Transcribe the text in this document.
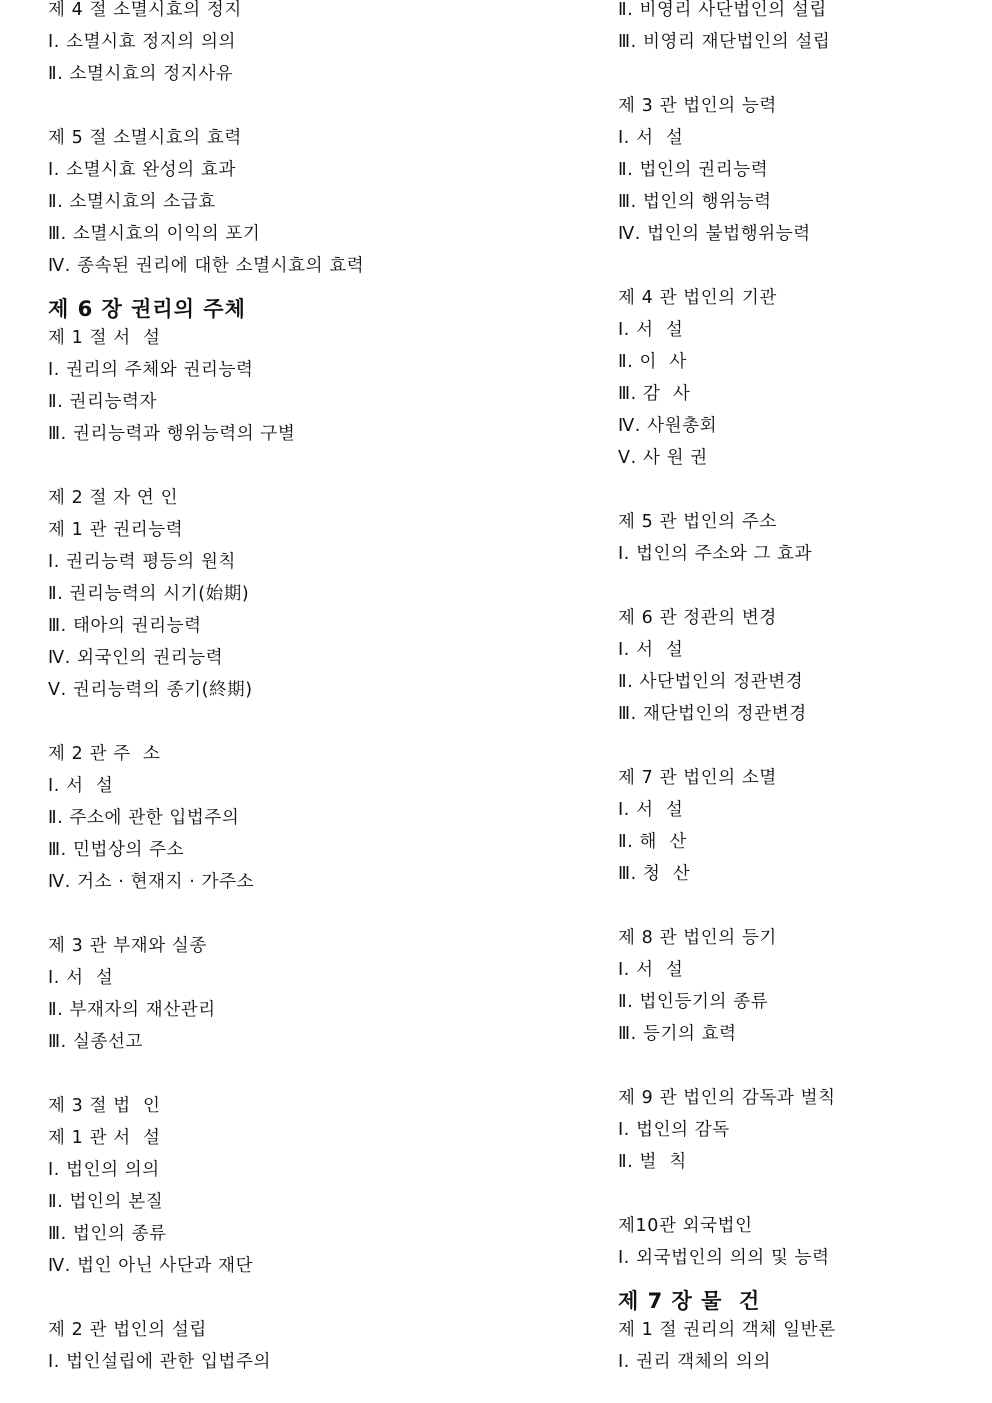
제 4 절 소멸시효의 정지
Ⅰ. 소멸시효 정지의 의의
Ⅱ. 소멸시효의 정지사유
제 5 절 소멸시효의 효력
Ⅰ. 소멸시효 완성의 효과
Ⅱ. 소멸시효의 소급효
Ⅲ. 소멸시효의 이익의 포기
Ⅳ. 종속된 권리에 대한 소멸시효의 효력
제 6 장 권리의 주체
제 1 절 서  설
Ⅰ. 권리의 주체와 권리능력
Ⅱ. 권리능력자
Ⅲ. 권리능력과 행위능력의 구별
제 2 절 자 연 인
제 1 관 권리능력
Ⅰ. 권리능력 평등의 원칙
Ⅱ. 권리능력의 시기(始期)
Ⅲ. 태아의 권리능력
Ⅳ. 외국인의 권리능력
Ⅴ. 권리능력의 종기(終期)
제 2 관 주  소
Ⅰ. 서  설
Ⅱ. 주소에 관한 입법주의
Ⅲ. 민법상의 주소
Ⅳ. 거소 · 현재지 · 가주소
제 3 관 부재와 실종
Ⅰ. 서  설
Ⅱ. 부재자의 재산관리
Ⅲ. 실종선고
제 3 절 법  인
제 1 관 서  설
Ⅰ. 법인의 의의
Ⅱ. 법인의 본질
Ⅲ. 법인의 종류
Ⅳ. 법인 아닌 사단과 재단
제 2 관 법인의 설립
Ⅰ. 법인설립에 관한 입법주의
Ⅱ. 비영리 사단법인의 설립
Ⅲ. 비영리 재단법인의 설립
제 3 관 법인의 능력
Ⅰ. 서  설
Ⅱ. 법인의 권리능력
Ⅲ. 법인의 행위능력
Ⅳ. 법인의 불법행위능력
제 4 관 법인의 기관
Ⅰ. 서  설
Ⅱ. 이  사
Ⅲ. 감  사
Ⅳ. 사원총회
Ⅴ. 사 원 권
제 5 관 법인의 주소
Ⅰ. 법인의 주소와 그 효과
제 6 관 정관의 변경
Ⅰ. 서  설
Ⅱ. 사단법인의 정관변경
Ⅲ. 재단법인의 정관변경
제 7 관 법인의 소멸
Ⅰ. 서  설
Ⅱ. 해  산
Ⅲ. 청  산
제 8 관 법인의 등기
Ⅰ. 서  설
Ⅱ. 법인등기의 종류
Ⅲ. 등기의 효력
제 9 관 법인의 감독과 벌칙
Ⅰ. 법인의 감독
Ⅱ. 벌  칙
제10관 외국법인
Ⅰ. 외국법인의 의의 및 능력
제 7 장 물  건
제 1 절 권리의 객체 일반론
Ⅰ. 권리 객체의 의의
